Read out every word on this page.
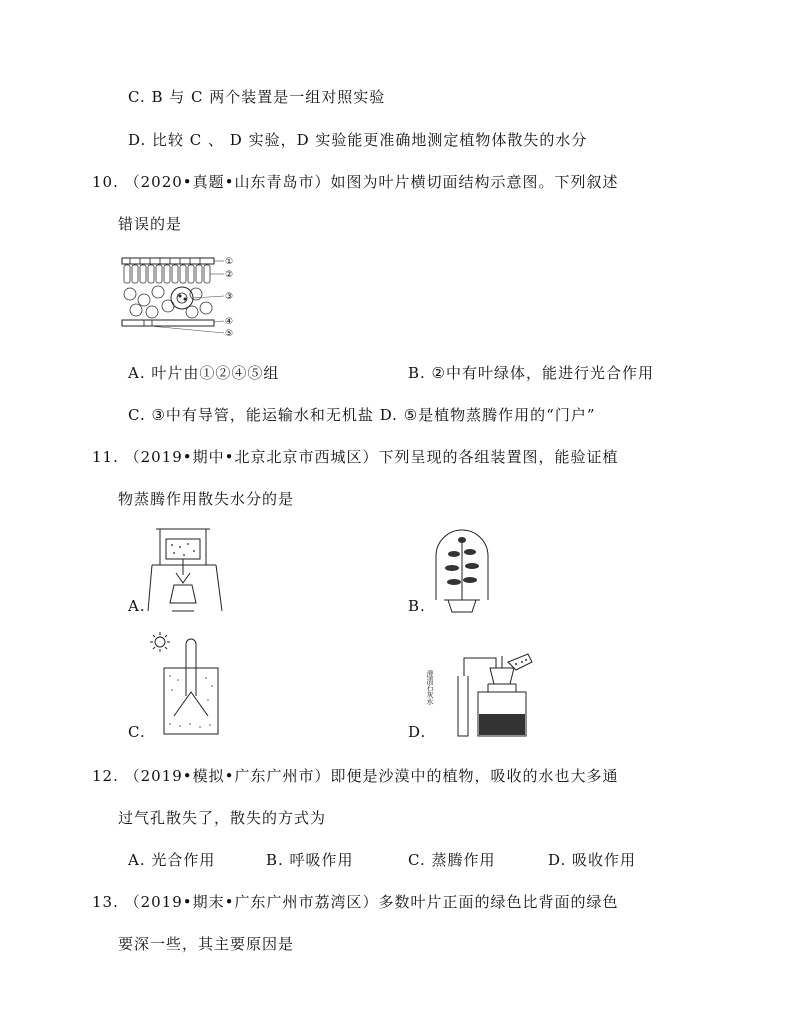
C. B 与 C 两个装置是一组对照实验
D. 比较 C 、 D 实验，D 实验能更准确地测定植物体散失的水分
10. （2020•真题•山东青岛市）如图为叶片横切面结构示意图。下列叙述
错误的是
①
②
③
④
⑤
A. 叶片由①②④⑤组	B. ②中有叶绿体，能进行光合作用
C. ③中有导管，能运输水和无机盐 D. ⑤是植物蒸腾作用的“门户”
11. （2019•期中•北京北京市西城区）下列呈现的各组装置图，能验证植
物蒸腾作用散失水分的是
A.	B.
C.	D.
澄清石灰水
12. （2019•模拟•广东广州市）即便是沙漠中的植物，吸收的水也大多通
过气孔散失了，散失的方式为
A. 光合作用	B. 呼吸作用	C. 蒸腾作用	D. 吸收作用
13. （2019•期末•广东广州市荔湾区）多数叶片正面的绿色比背面的绿色
要深一些，其主要原因是
